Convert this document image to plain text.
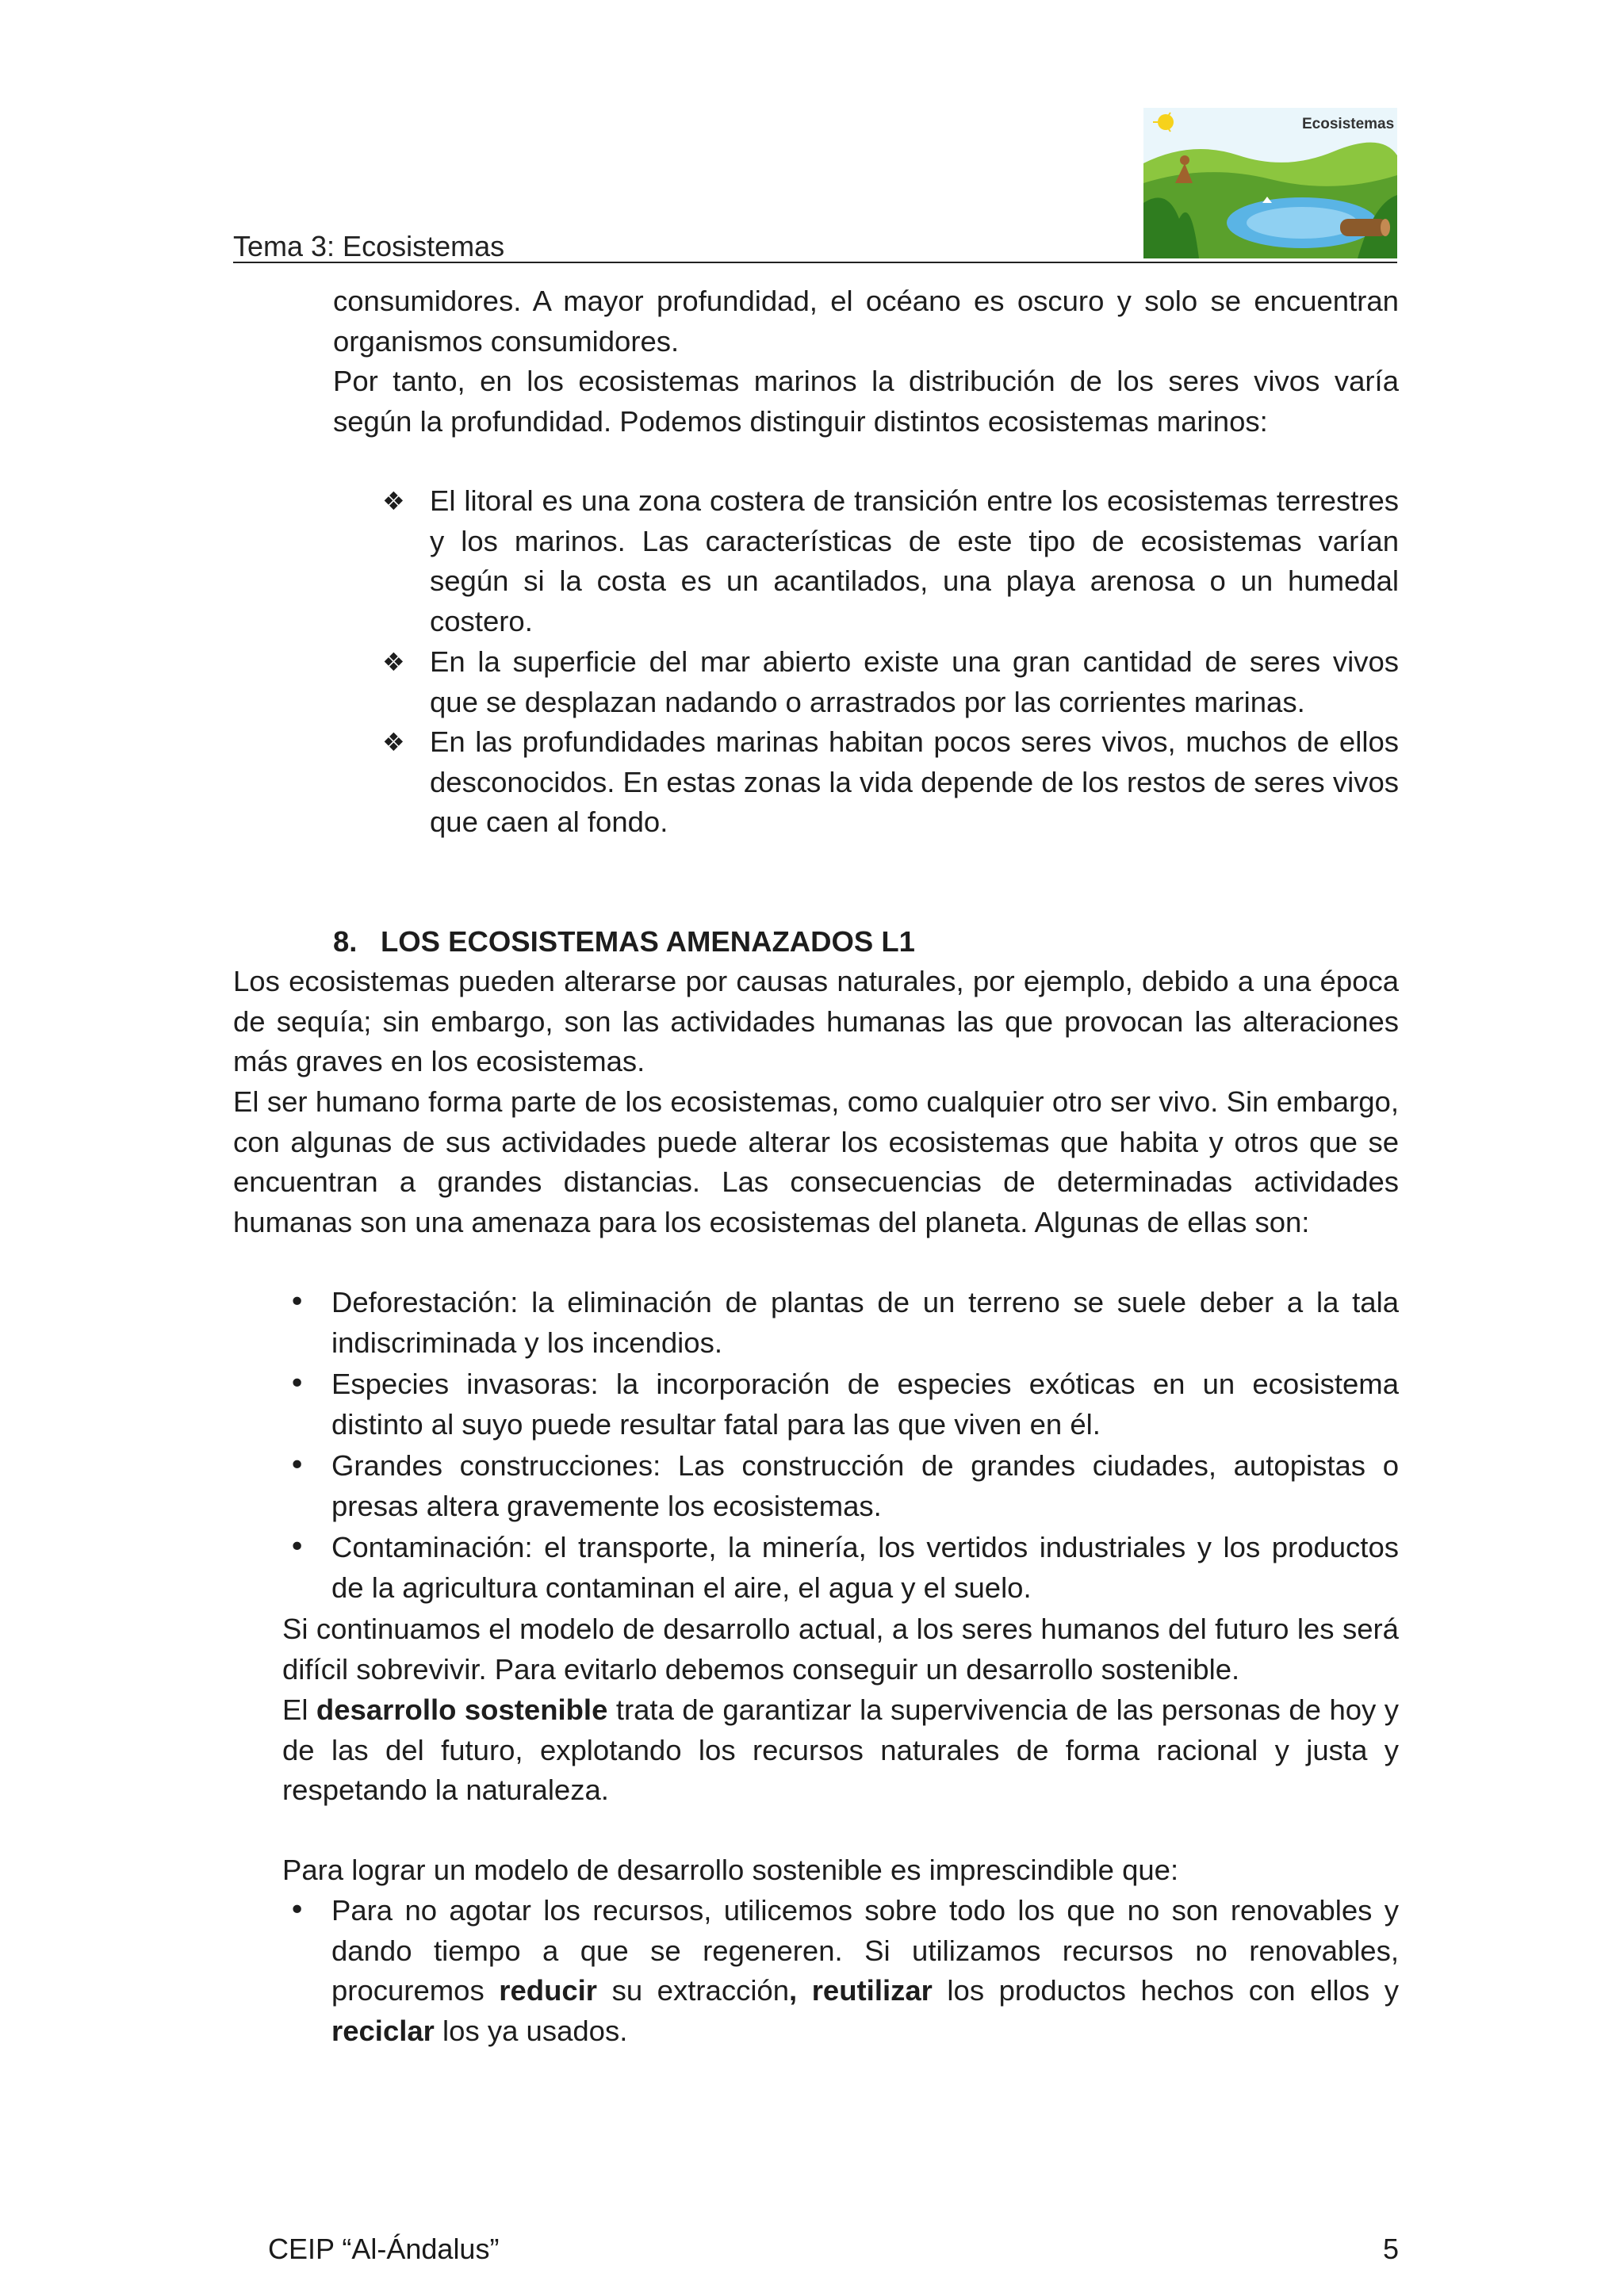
Tema 3: Ecosistemas
Ecosistemas

consumidores. A mayor profundidad, el océano es oscuro y solo se encuentran organismos consumidores.

Por tanto, en los ecosistemas marinos la distribución de los seres vivos varía según la profundidad. Podemos distinguir distintos ecosistemas marinos:

❖ El litoral es una zona costera de transición entre los ecosistemas terrestres y los marinos. Las características de este tipo de ecosistemas varían según si la costa es un acantilados, una playa arenosa o un humedal costero.

❖ En la superficie del mar abierto existe una gran cantidad de seres vivos que se desplazan nadando o arrastrados por las corrientes marinas.

❖ En las profundidades marinas habitan pocos seres vivos, muchos de ellos desconocidos. En estas zonas la vida depende de los restos de seres vivos que caen al fondo.

8. LOS ECOSISTEMAS AMENAZADOS L1

Los ecosistemas pueden alterarse por causas naturales, por ejemplo, debido a una época de sequía; sin embargo, son las actividades humanas las que provocan las alteraciones más graves en los ecosistemas.

El ser humano forma parte de los ecosistemas, como cualquier otro ser vivo. Sin embargo, con algunas de sus actividades puede alterar los ecosistemas que habita y otros que se encuentran a grandes distancias. Las consecuencias de determinadas actividades humanas son una amenaza para los ecosistemas del planeta. Algunas de ellas son:

• Deforestación: la eliminación de plantas de un terreno se suele deber a la tala indiscriminada y los incendios.

• Especies invasoras: la incorporación de especies exóticas en un ecosistema distinto al suyo puede resultar fatal para las que viven en él.

• Grandes construcciones: Las construcción de grandes ciudades, autopistas o presas altera gravemente los ecosistemas.

• Contaminación: el transporte, la minería, los vertidos industriales y los productos de la agricultura contaminan el aire, el agua y el suelo.

Si continuamos el modelo de desarrollo actual, a los seres humanos del futuro les será difícil sobrevivir. Para evitarlo debemos conseguir un desarrollo sostenible.

El desarrollo sostenible trata de garantizar la supervivencia de las personas de hoy y de las del futuro, explotando los recursos naturales de forma racional y justa y respetando la naturaleza.

Para lograr un modelo de desarrollo sostenible es imprescindible que:

• Para no agotar los recursos, utilicemos sobre todo los que no son renovables y dando tiempo a que se regeneren. Si utilizamos recursos no renovables, procuremos reducir su extracción, reutilizar los productos hechos con ellos y reciclar los ya usados.

CEIP “Al-Ándalus”	5
